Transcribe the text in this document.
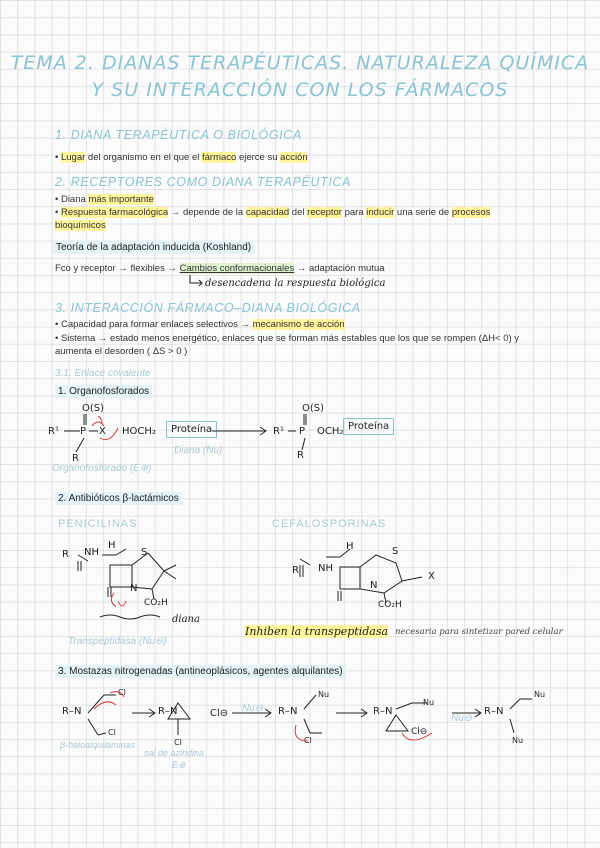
TEMA 2. DIANAS TERAPÉUTICAS. NATURALEZA QUÍMICA
Y SU INTERACCIÓN CON LOS FÁRMACOS
1. DIANA TERAPÉUTICA O BIOLÓGICA
• Lugar del organismo en el que el fármaco ejerce su acción
2. RECEPTORES COMO DIANA TERAPÉUTICA
• Diana más importante
• Respuesta farmacológica → depende de la capacidad del receptor para inducir una serie de procesos
bioquímicos
Teoría de la adaptación inducida (Koshland)
Fco y receptor → flexibles → Cambios conformacionales → adaptación mutua
desencadena la respuesta biológica
3. INTERACCIÓN FÁRMACO–DIANA BIOLÓGICA
• Capacidad para formar enlaces selectivos → mecanismo de acción
• Sistema → estado menos energético, enlaces que se forman más estables que los que se rompen (ΔH< 0) y
aumenta el desorden ( ΔS > 0 )
3.1. Enlace covalente
1. Organofosforados
O(S)
R¹ P X
R
HOCH₂	Proteína
Diana (Nu)
Organofosforado (E⊕)
O(S)
R¹ P OCH₂ Proteína
R
2. Antibióticos β-lactámicos
PENICILINAS	CEFALOSPORINAS
R NH
H
S
N
CO₂H
diana
Transpeptidasa (Nu⊖)
R NH
H	S
X
N
CO₂H
Inhiben la transpeptidasa necesaria para sintetizar pared celular
3. Mostazas nitrogenadas (antineoplásicos, agentes alquilantes)
R–N
Cl
Cl
R–N
Cl
Cl⊖ Nu⊖ R–N
Nu
Cl
R–N
Nu
Cl⊖
Nu⊖
R–N
Nu
Nu
β-haloalquilaminas
sal de aziridina
E⊕
